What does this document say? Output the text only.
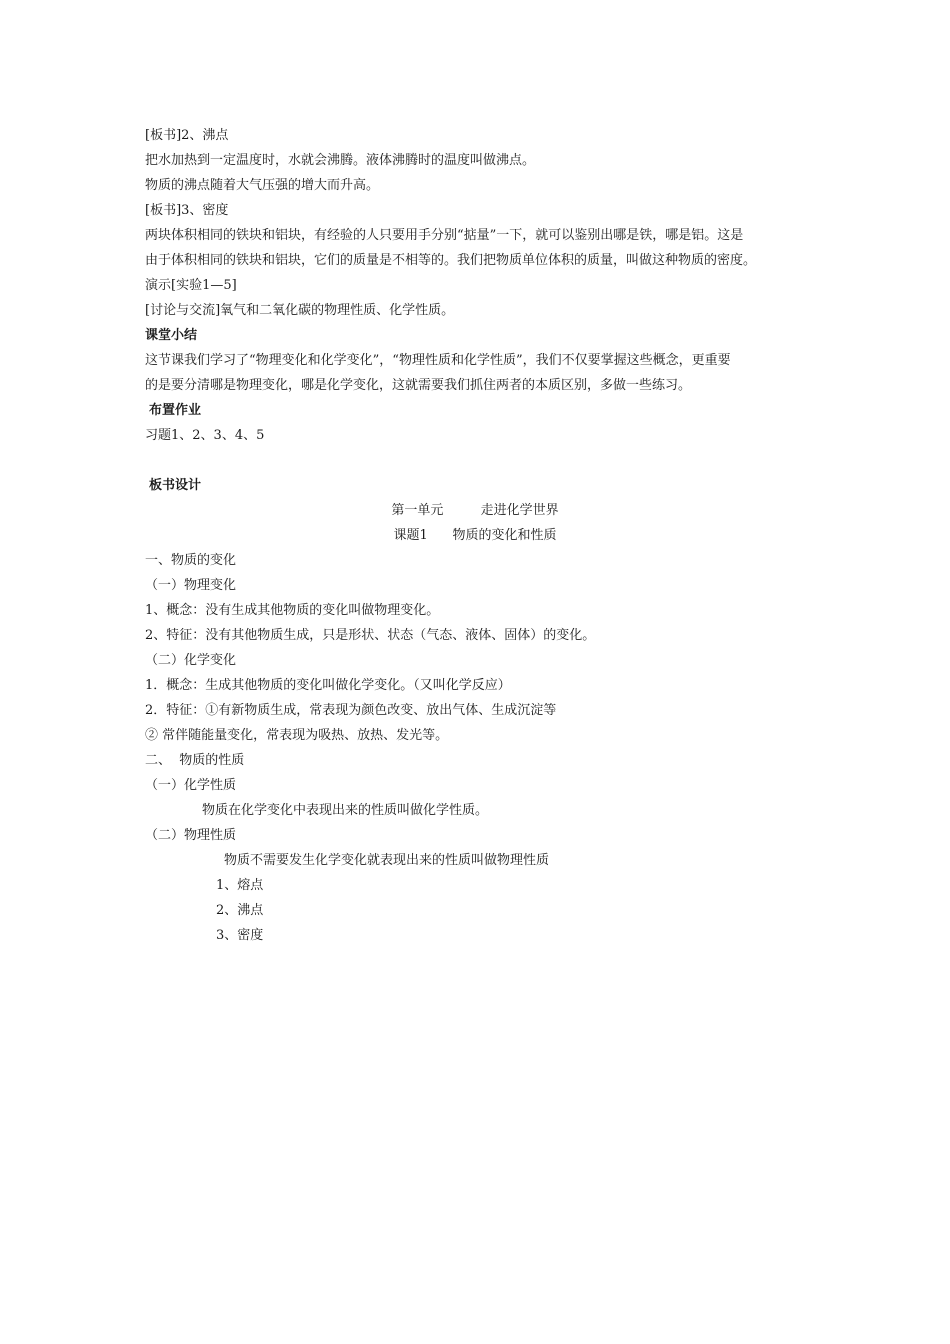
[板书]2、沸点
把水加热到一定温度时，水就会沸腾。液体沸腾时的温度叫做沸点。
物质的沸点随着大气压强的增大而升高。
[板书]3、密度
两块体积相同的铁块和铝块，有经验的人只要用手分别“掂量”一下，就可以鉴别出哪是铁，哪是铝。这是
由于体积相同的铁块和铝块，它们的质量是不相等的。我们把物质单位体积的质量，叫做这种物质的密度。
演示[实验1—5]
[讨论与交流]氧气和二氧化碳的物理性质、化学性质。
课堂小结
这节课我们学习了“物理变化和化学变化”，“物理性质和化学性质”，我们不仅要掌握这些概念，更重要
的是要分清哪是物理变化，哪是化学变化，这就需要我们抓住两者的本质区别，多做一些练习。
布置作业
习题1、2、3、4、5
板书设计
第一单元         走进化学世界
课题1      物质的变化和性质
一、物质的变化
（一）物理变化
1、概念：没有生成其他物质的变化叫做物理变化。
2、特征：没有其他物质生成，只是形状、状态（气态、液体、固体）的变化。
（二）化学变化
1．概念：生成其他物质的变化叫做化学变化。（又叫化学反应）
2．特征：①有新物质生成，常表现为颜色改变、放出气体、生成沉淀等
② 常伴随能量变化，常表现为吸热、放热、发光等。
二、  物质的性质
（一）化学性质
物质在化学变化中表现出来的性质叫做化学性质。
（二）物理性质
物质不需要发生化学变化就表现出来的性质叫做物理性质
1、熔点
2、沸点
3、密度
